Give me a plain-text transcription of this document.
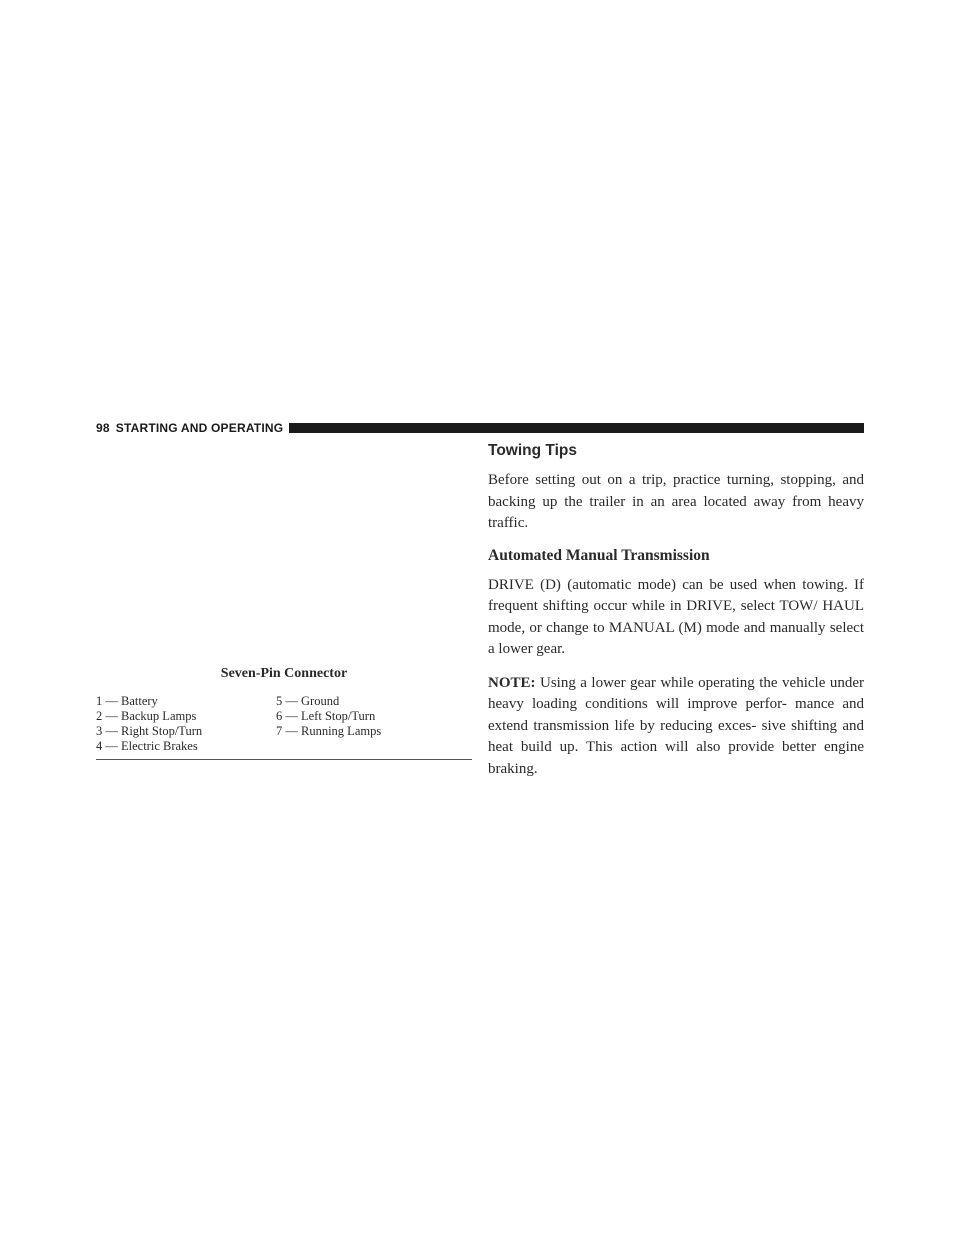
98 STARTING AND OPERATING
Seven-Pin Connector
1 — Battery	5 — Ground
2 — Backup Lamps	6 — Left Stop/Turn
3 — Right Stop/Turn	7 — Running Lamps
4 — Electric Brakes
Towing Tips

Before setting out on a trip, practice turning, stopping, and backing up the trailer in an area located away from heavy traffic.

Automated Manual Transmission

DRIVE (D) (automatic mode) can be used when towing. If frequent shifting occur while in DRIVE, select TOW/ HAUL mode, or change to MANUAL (M) mode and manually select a lower gear.

NOTE: Using a lower gear while operating the vehicle under heavy loading conditions will improve perfor- mance and extend transmission life by reducing exces- sive shifting and heat build up. This action will also provide better engine braking.
